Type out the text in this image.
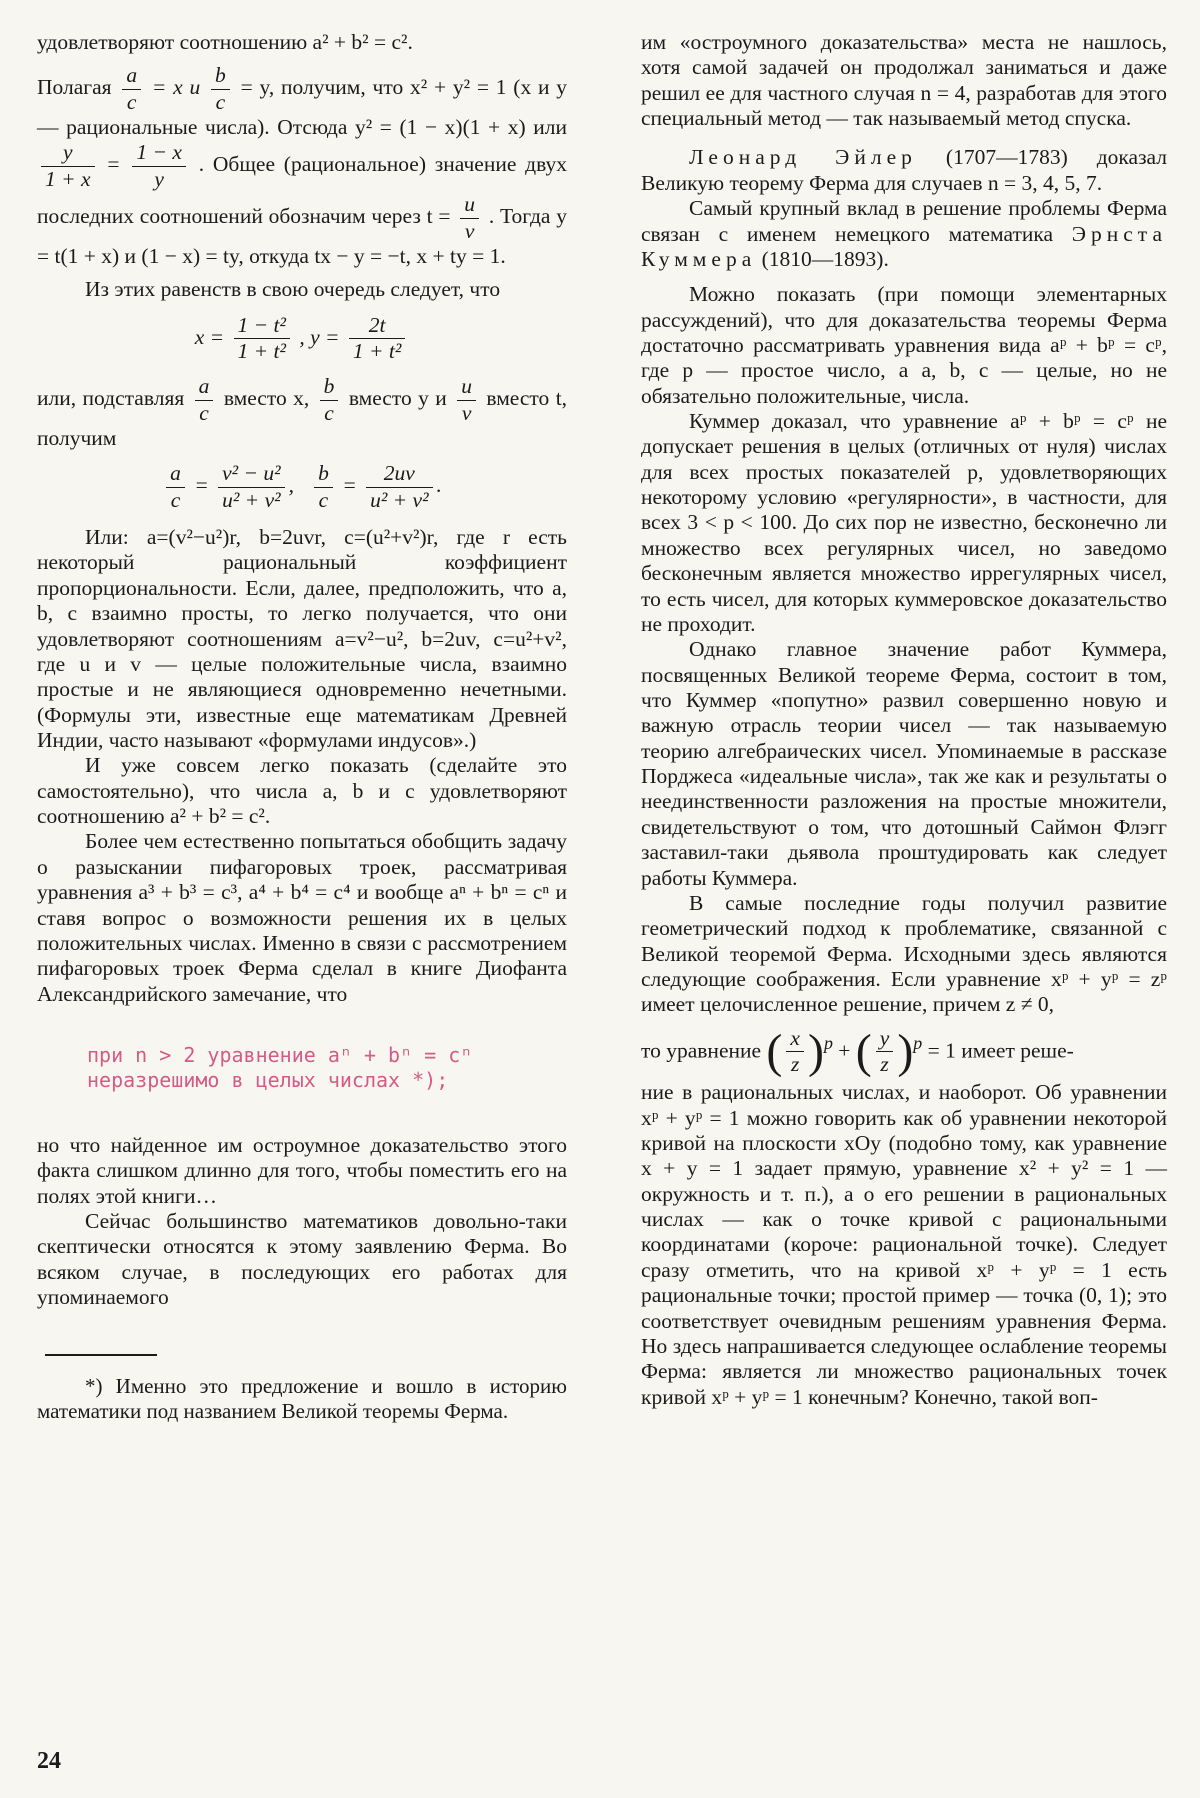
удовлетворяют соотношению a² + b² = c².

Полагая $\frac{a}{c} = x$ и $\frac{b}{c} = y$, получим, что x² + y² = 1 (x и y — рациональные числа). Отсюда y² = (1 − x)(1 + x) или
$\frac{y}{1 + x} = \frac{1 - x}{y}$ . Общее (рациональное) значение двух последних соотношений обозначим через $t = \frac{u}{v}$ . Тогда y = t(1 + x) и (1 − x) = ty, откуда tx − y = −t, x + ty = 1.

Из этих равенств в свою очередь следует, что

$x = \frac{\text{1 − t²}}{\text{1 + t²}}$ , $y = \frac{2t}{\text{1 + t²}}$

или, подставляя $\frac{a}{c}$ вместо x, $\frac{b}{c}$ вместо y и $\frac{u}{v}$ вместо t, получим

$\frac{a}{c} = \frac{\text{v² − u²}}{\text{u² + v²}}$ , $\frac{b}{c} = \frac{2uv}{\text{u² + v²}}$ .

Или: a=(v²−u²)r, b=2uvr, c=(u²+v²)r, где r есть некоторый рациональный коэффициент пропорциональности. Если, далее, предположить, что a, b, c взаимно просты, то легко получается, что они удовлетворяют соотношениям a=v²−u², b=2uv, c=u²+v², где u и v — целые положительные числа, взаимно простые и не являющиеся одновременно нечетными. (Формулы эти, известные еще математикам Древней Индии, часто называют «формулами индусов».)

И уже совсем легко показать (сделайте это самостоятельно), что числа a, b и c удовлетворяют соотношению a² + b² = c².

Более чем естественно попытаться обобщить задачу о разыскании пифагоровых троек, рассматривая уравнения a³ + b³ = c³, a⁴ + b⁴ = c⁴ и вообще aⁿ + bⁿ = cⁿ и ставя вопрос о возможности решения их в целых положительных числах. Именно в связи с рассмотрением пифагоровых троек Ферма сделал в книге Диофанта Александрийского замечание, что

при n > 2 уравнение aⁿ + bⁿ = cⁿ
неразрешимо в целых числах *);

но что найденное им остроумное доказательство этого факта слишком длинно для того, чтобы поместить его на полях этой книги…

Сейчас большинство математиков довольно-таки скептически относятся к этому заявлению Ферма. Во всяком случае, в последующих его работах для упоминаемого

*) Именно это предложение и вошло в историю математики под названием Великой теоремы Ферма.

им «остроумного доказательства» места не нашлось, хотя самой задачей он продолжал заниматься и даже решил ее для частного случая n = 4, разработав для этого специальный метод — так называемый метод спуска.

Леонард Эйлер (1707—1783) доказал Великую теорему Ферма для случаев n = 3, 4, 5, 7.

Самый крупный вклад в решение проблемы Ферма связан с именем немецкого математика Эрнста Куммера (1810—1893).

Можно показать (при помощи элементарных рассуждений), что для доказательства теоремы Ферма достаточно рассматривать уравнения вида aᵖ + bᵖ = cᵖ, где p — простое число, а a, b, c — целые, но не обязательно положительные, числа.

Куммер доказал, что уравнение aᵖ + bᵖ = cᵖ не допускает решения в целых (отличных от нуля) числах для всех простых показателей p, удовлетворяющих некоторому условию «регулярности», в частности, для всех 3 < p < 100. До сих пор не известно, бесконечно ли множество всех регулярных чисел, но заведомо бесконечным является множество иррегулярных чисел, то есть чисел, для которых куммеровское доказательство не проходит.

Однако главное значение работ Куммера, посвященных Великой теореме Ферма, состоит в том, что Куммер «попутно» развил совершенно новую и важную отрасль теории чисел — так называемую теорию алгебраических чисел. Упоминаемые в рассказе Порджеса «идеальные числа», так же как и результаты о неединственности разложения на простые множители, свидетельствуют о том, что дотошный Саймон Флэгг заставил-таки дьявола проштудировать как следует работы Куммера.

В самые последние годы получил развитие геометрический подход к проблематике, связанной с Великой теоремой Ферма. Исходными здесь являются следующие соображения. Если уравнение xᵖ + yᵖ = zᵖ имеет целочисленное решение, причем z ≠ 0,

то уравнение ( $\frac{x}{z} )^p$ + ( $\frac{y}{z} )^p = 1$ имеет реше-

ние в рациональных числах, и наоборот. Об уравнении xᵖ + yᵖ = 1 можно говорить как об уравнении некоторой кривой на плоскости xOy (подобно тому, как уравнение x + y = 1 задает прямую, уравнение x² + y² = 1 — окружность и т. п.), а о его решении в рациональных числах — как о точке кривой с рациональными координатами (короче: рациональной точке). Следует сразу отметить, что на кривой xᵖ + yᵖ = 1 есть рациональные точки; простой пример — точка (0, 1); это соответствует очевидным решениям уравнения Ферма. Но здесь напрашивается следующее ослабление теоремы Ферма: является ли множество рациональных точек кривой xᵖ + yᵖ = 1 конечным? Конечно, такой воп-

24
